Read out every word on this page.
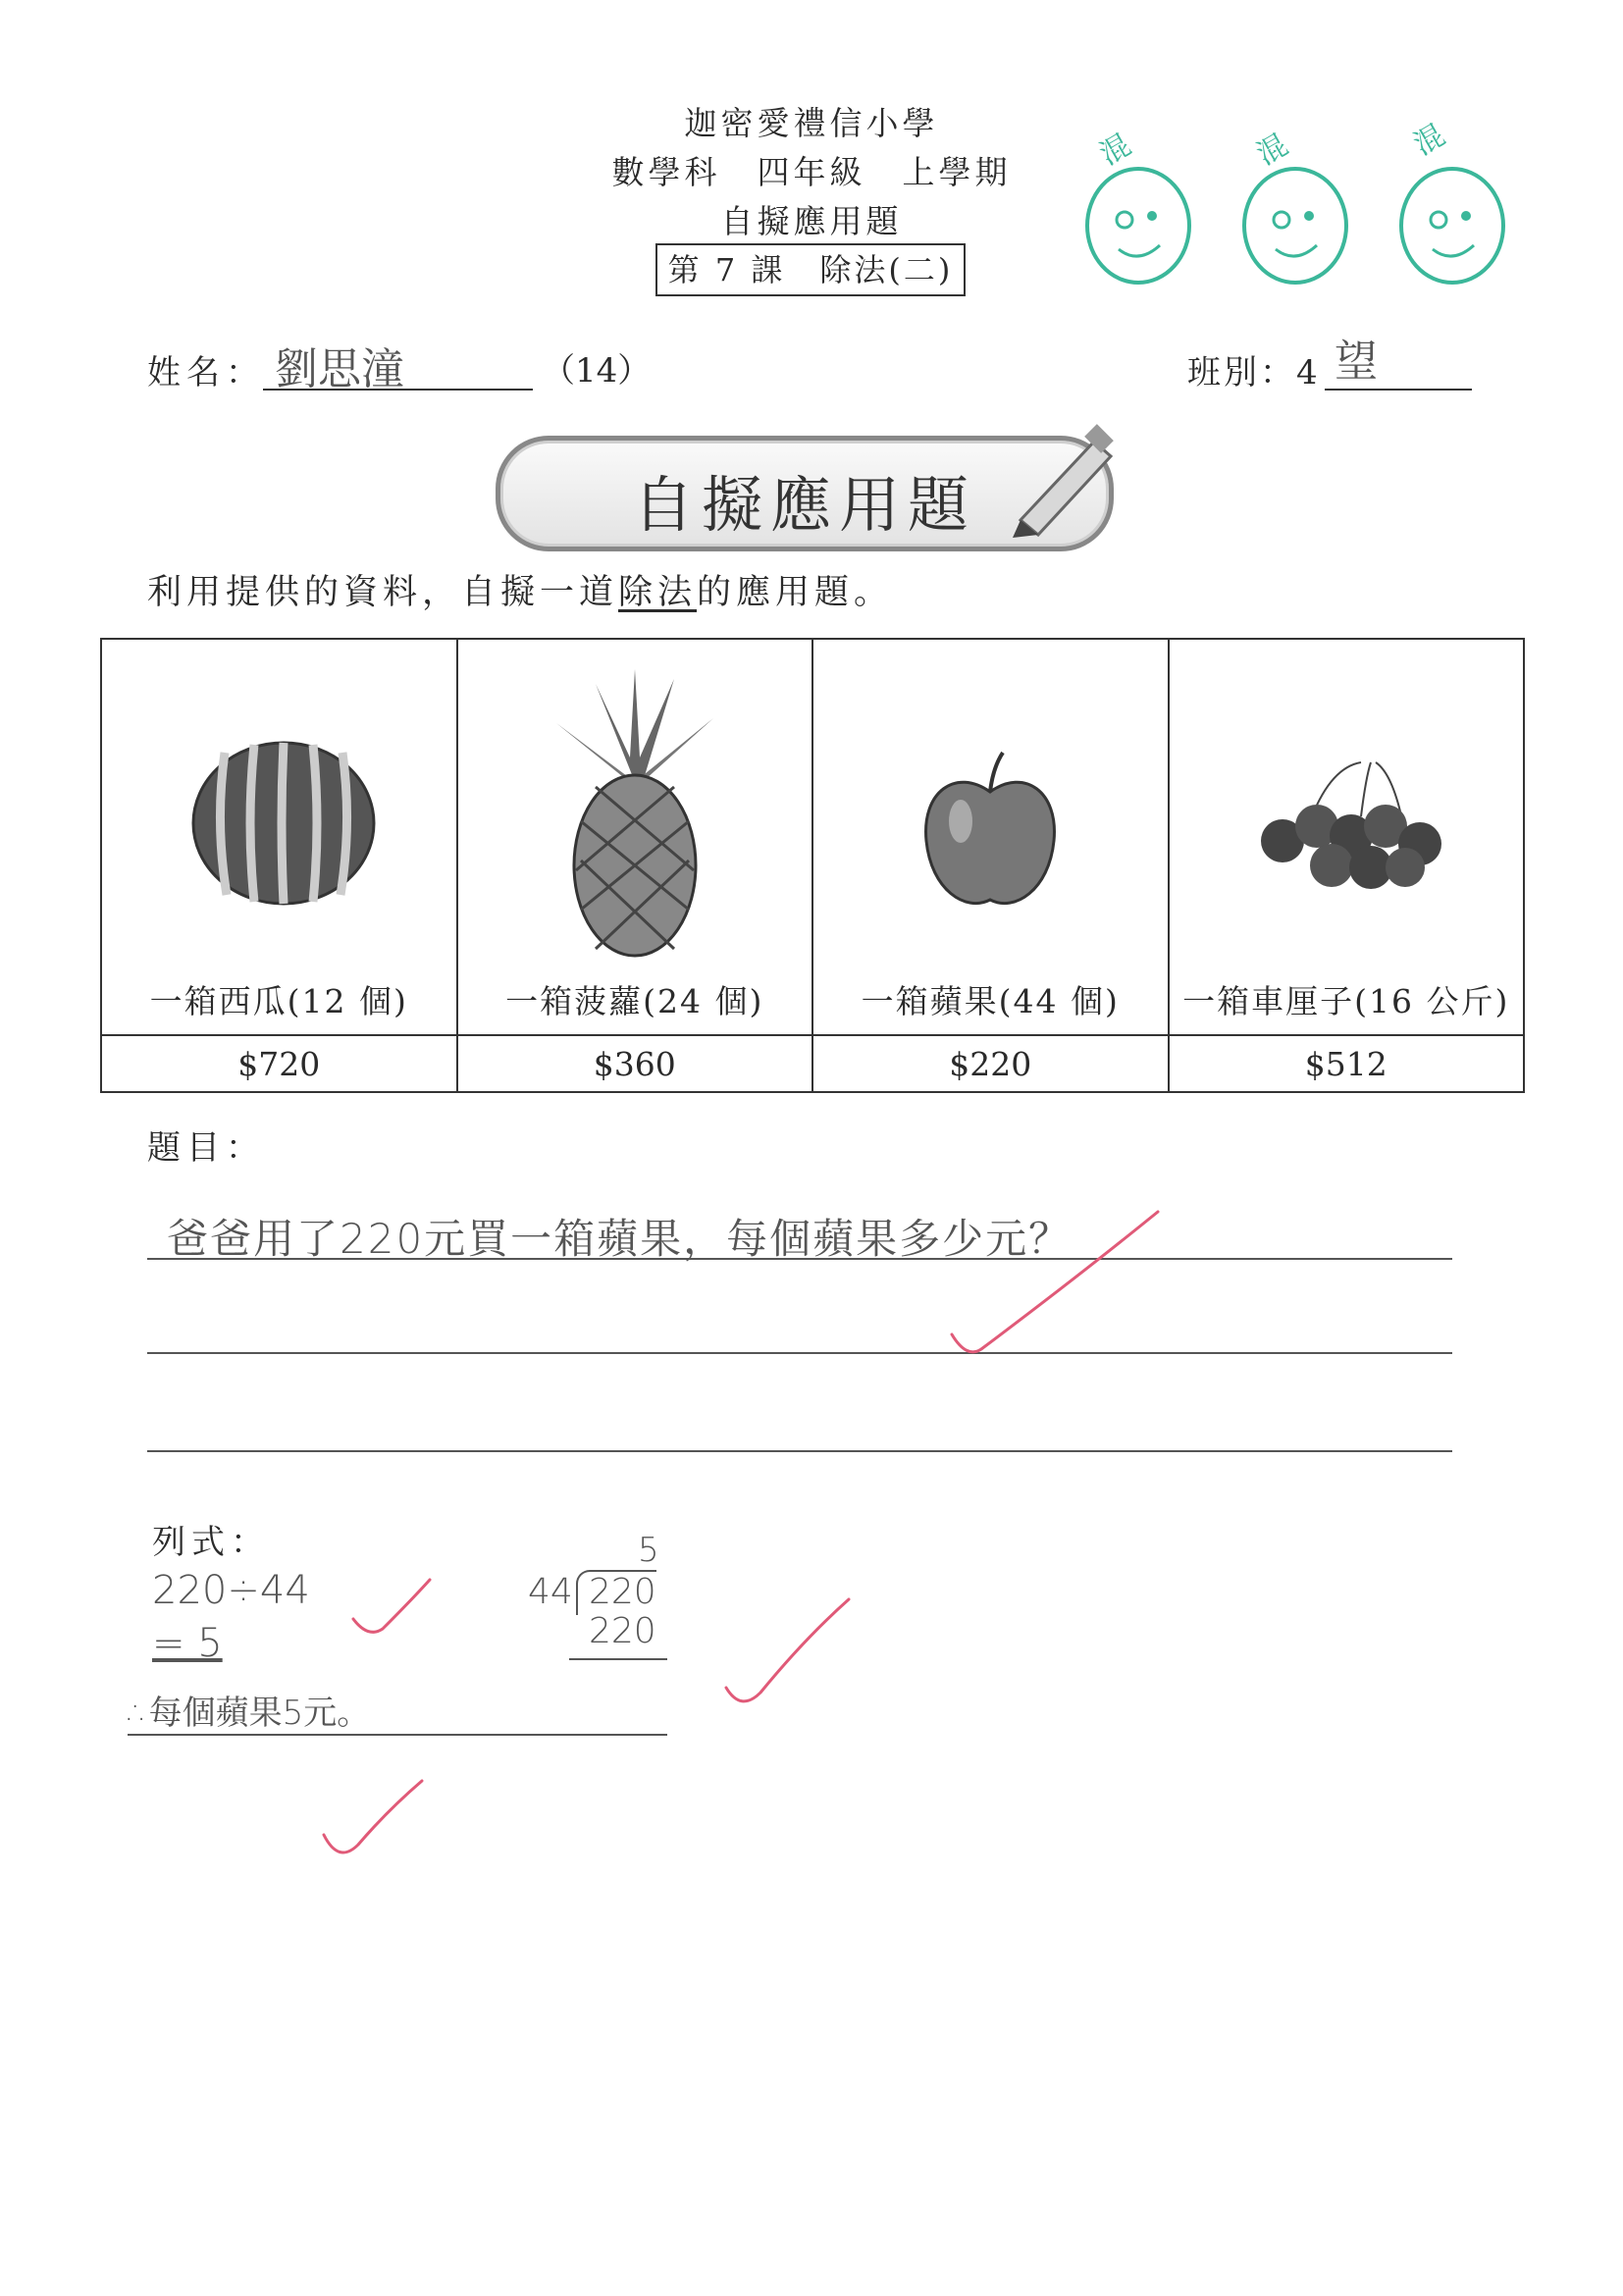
迦密愛禮信小學
數學科　四年級　上學期
自擬應用題
第 7 課　除法(二)
混	混	混
姓名： 劉思潼	（14）	班別：4 望
自擬應用題
利用提供的資料，自擬一道除法的應用題。
一箱西瓜(12 個)	一箱菠蘿(24 個)	一箱蘋果(44 個)	一箱車厘子(16 公斤)

$720	$360	$220	$512
題目：
爸爸用了220元買一箱蘋果，每個蘋果多少元？
列式：
220÷44
= 5
∴每個蘋果5元。
5
44 220
220
